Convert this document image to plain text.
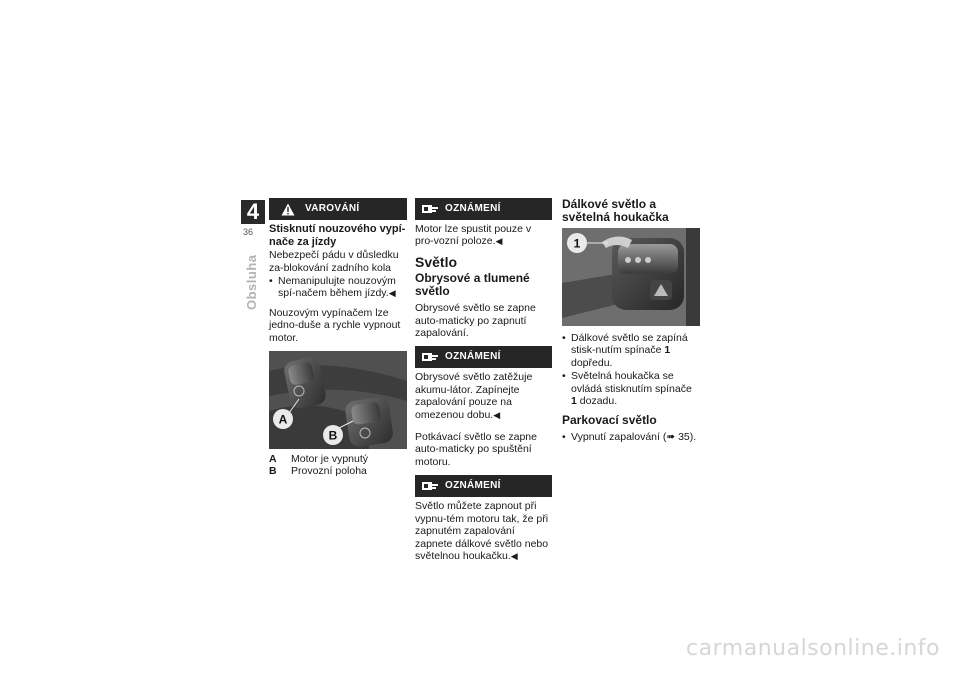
4
36
Obsluha
VAROVÁNÍ
Stisknutí nouzového vypí-nače za jízdy

Nebezpečí pádu v důsledku za-blokování zadního kola

• Nemanipulujte nouzovým spí-načem během jízdy.◀

Nouzovým vypínačem lze jedno-duše a rychle vypnout motor.

A
B
A	Motor je vypnutý
B	Provozní poloha
OZNÁMENÍ

Motor lze spustit pouze v pro-vozní poloze.◀

Světlo
Obrysové a tlumené světlo

Obrysové světlo se zapne auto-maticky po zapnutí zapalování.

OZNÁMENÍ

Obrysové světlo zatěžuje akumu-látor. Zapínejte zapalování pouze na omezenou dobu.◀

Potkávací světlo se zapne auto-maticky po spuštění motoru.

OZNÁMENÍ

Světlo můžete zapnout při vypnu-tém motoru tak, že při zapnutém zapalování zapnete dálkové světlo nebo světelnou houkačku.◀

Dálkové světlo a světelná houkačka
1
• Dálkové světlo se zapíná stisk-nutím spínače 1 dopředu.
• Světelná houkačka se ovládá stisknutím spínače 1 dozadu.
Parkovací světlo
• Vypnutí zapalování (➠ 35).
carmanualsonline.info
